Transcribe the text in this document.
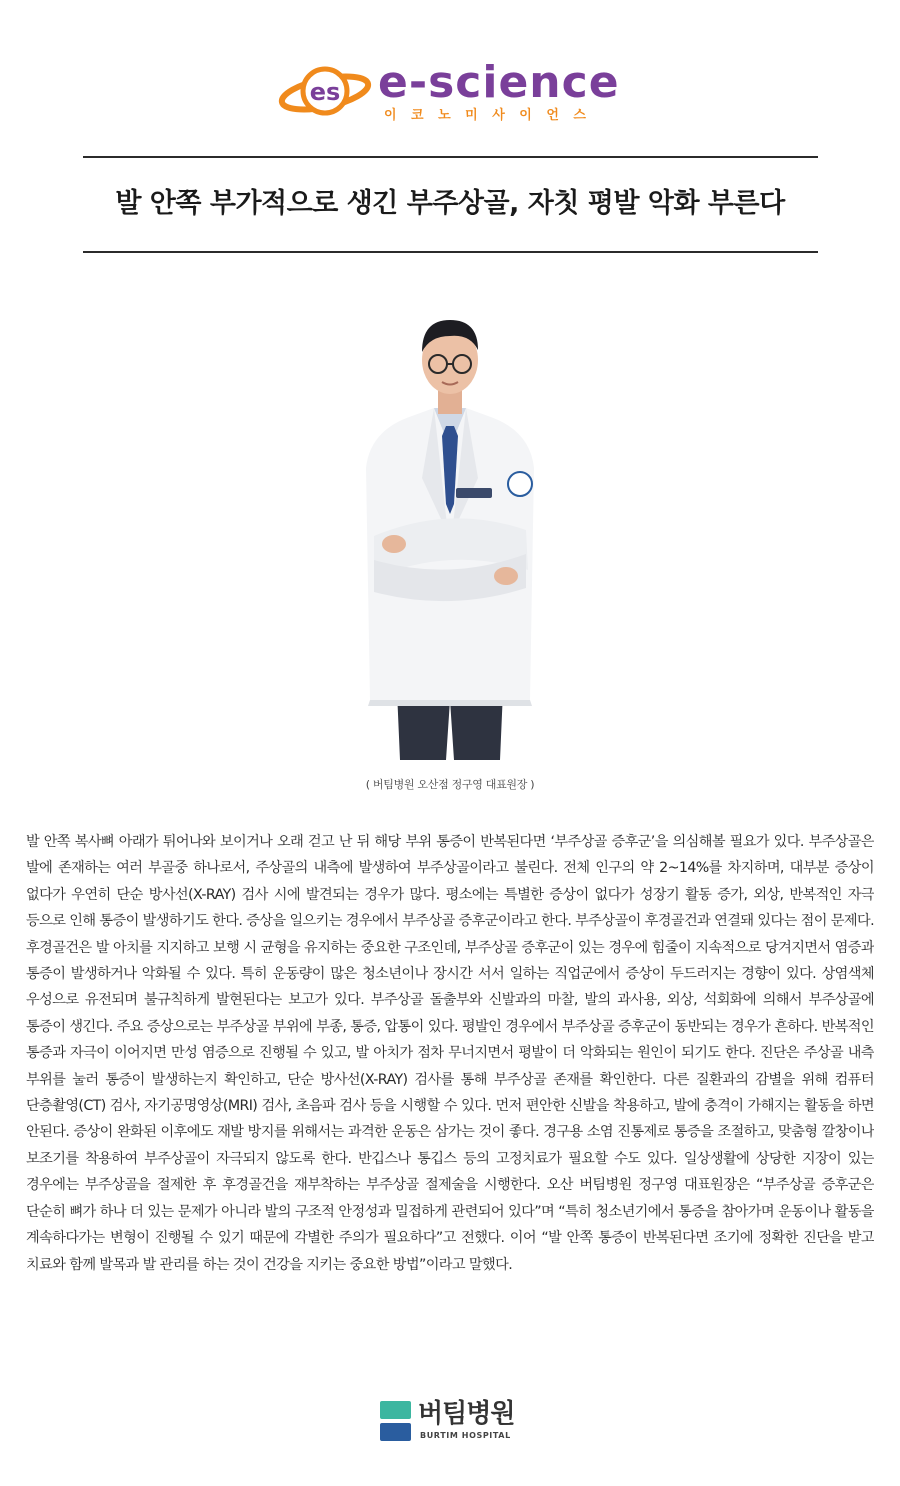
es e-science
이코노미사이언스
발 안쪽 부가적으로 생긴 부주상골, 자칫 평발 악화 부른다
( 버팀병원 오산점 정구영 대표원장 )

발 안쪽 복사뼈 아래가 튀어나와 보이거나 오래 걷고 난 뒤 해당 부위 통증이 반복된다면 ‘부주상골 증후군’을 의심해볼 필요가 있다. 부주상골은 발에 존재하는 여러 부골중 하나로서, 주상골의 내측에 발생하여 부주상골이라고 불린다. 전체 인구의 약 2~14%를 차지하며, 대부분 증상이 없다가 우연히 단순 방사선(X-RAY) 검사 시에 발견되는 경우가 많다. 평소에는 특별한 증상이 없다가 성장기 활동 증가, 외상, 반복적인 자극 등으로 인해 통증이 발생하기도 한다. 증상을 일으키는 경우에서 부주상골 증후군이라고 한다. 부주상골이 후경골건과 연결돼 있다는 점이 문제다. 후경골건은 발 아치를 지지하고 보행 시 균형을 유지하는 중요한 구조인데, 부주상골 증후군이 있는 경우에 힘줄이 지속적으로 당겨지면서 염증과 통증이 발생하거나 악화될 수 있다. 특히 운동량이 많은 청소년이나 장시간 서서 일하는 직업군에서 증상이 두드러지는 경향이 있다. 상염색체 우성으로 유전되며 불규칙하게 발현된다는 보고가 있다. 부주상골 돌출부와 신발과의 마찰, 발의 과사용, 외상, 석회화에 의해서 부주상골에 통증이 생긴다. 주요 증상으로는 부주상골 부위에 부종, 통증, 압통이 있다. 평발인 경우에서 부주상골 증후군이 동반되는 경우가 흔하다. 반복적인 통증과 자극이 이어지면 만성 염증으로 진행될 수 있고, 발 아치가 점차 무너지면서 평발이 더 악화되는 원인이 되기도 한다. 진단은 주상골 내측 부위를 눌러 통증이 발생하는지 확인하고, 단순 방사선(X-RAY) 검사를 통해 부주상골 존재를 확인한다. 다른 질환과의 감별을 위해 컴퓨터 단층촬영(CT) 검사, 자기공명영상(MRI) 검사, 초음파 검사 등을 시행할 수 있다. 먼저 편안한 신발을 착용하고, 발에 충격이 가해지는 활동을 하면 안된다. 증상이 완화된 이후에도 재발 방지를 위해서는 과격한 운동은 삼가는 것이 좋다. 경구용 소염 진통제로 통증을 조절하고, 맞춤형 깔창이나 보조기를 착용하여 부주상골이 자극되지 않도록 한다. 반깁스나 통깁스 등의 고정치료가 필요할 수도 있다. 일상생활에 상당한 지장이 있는 경우에는 부주상골을 절제한 후 후경골건을 재부착하는 부주상골 절제술을 시행한다. 오산 버팀병원 정구영 대표원장은 “부주상골 증후군은 단순히 뼈가 하나 더 있는 문제가 아니라 발의 구조적 안정성과 밀접하게 관련되어 있다”며 “특히 청소년기에서 통증을 참아가며 운동이나 활동을 계속하다가는 변형이 진행될 수 있기 때문에 각별한 주의가 필요하다”고 전했다. 이어 “발 안쪽 통증이 반복된다면 조기에 정확한 진단을 받고 치료와 함께 발목과 발 관리를 하는 것이 건강을 지키는 중요한 방법”이라고 말했다.

버팀병원
BURTIM HOSPITAL
